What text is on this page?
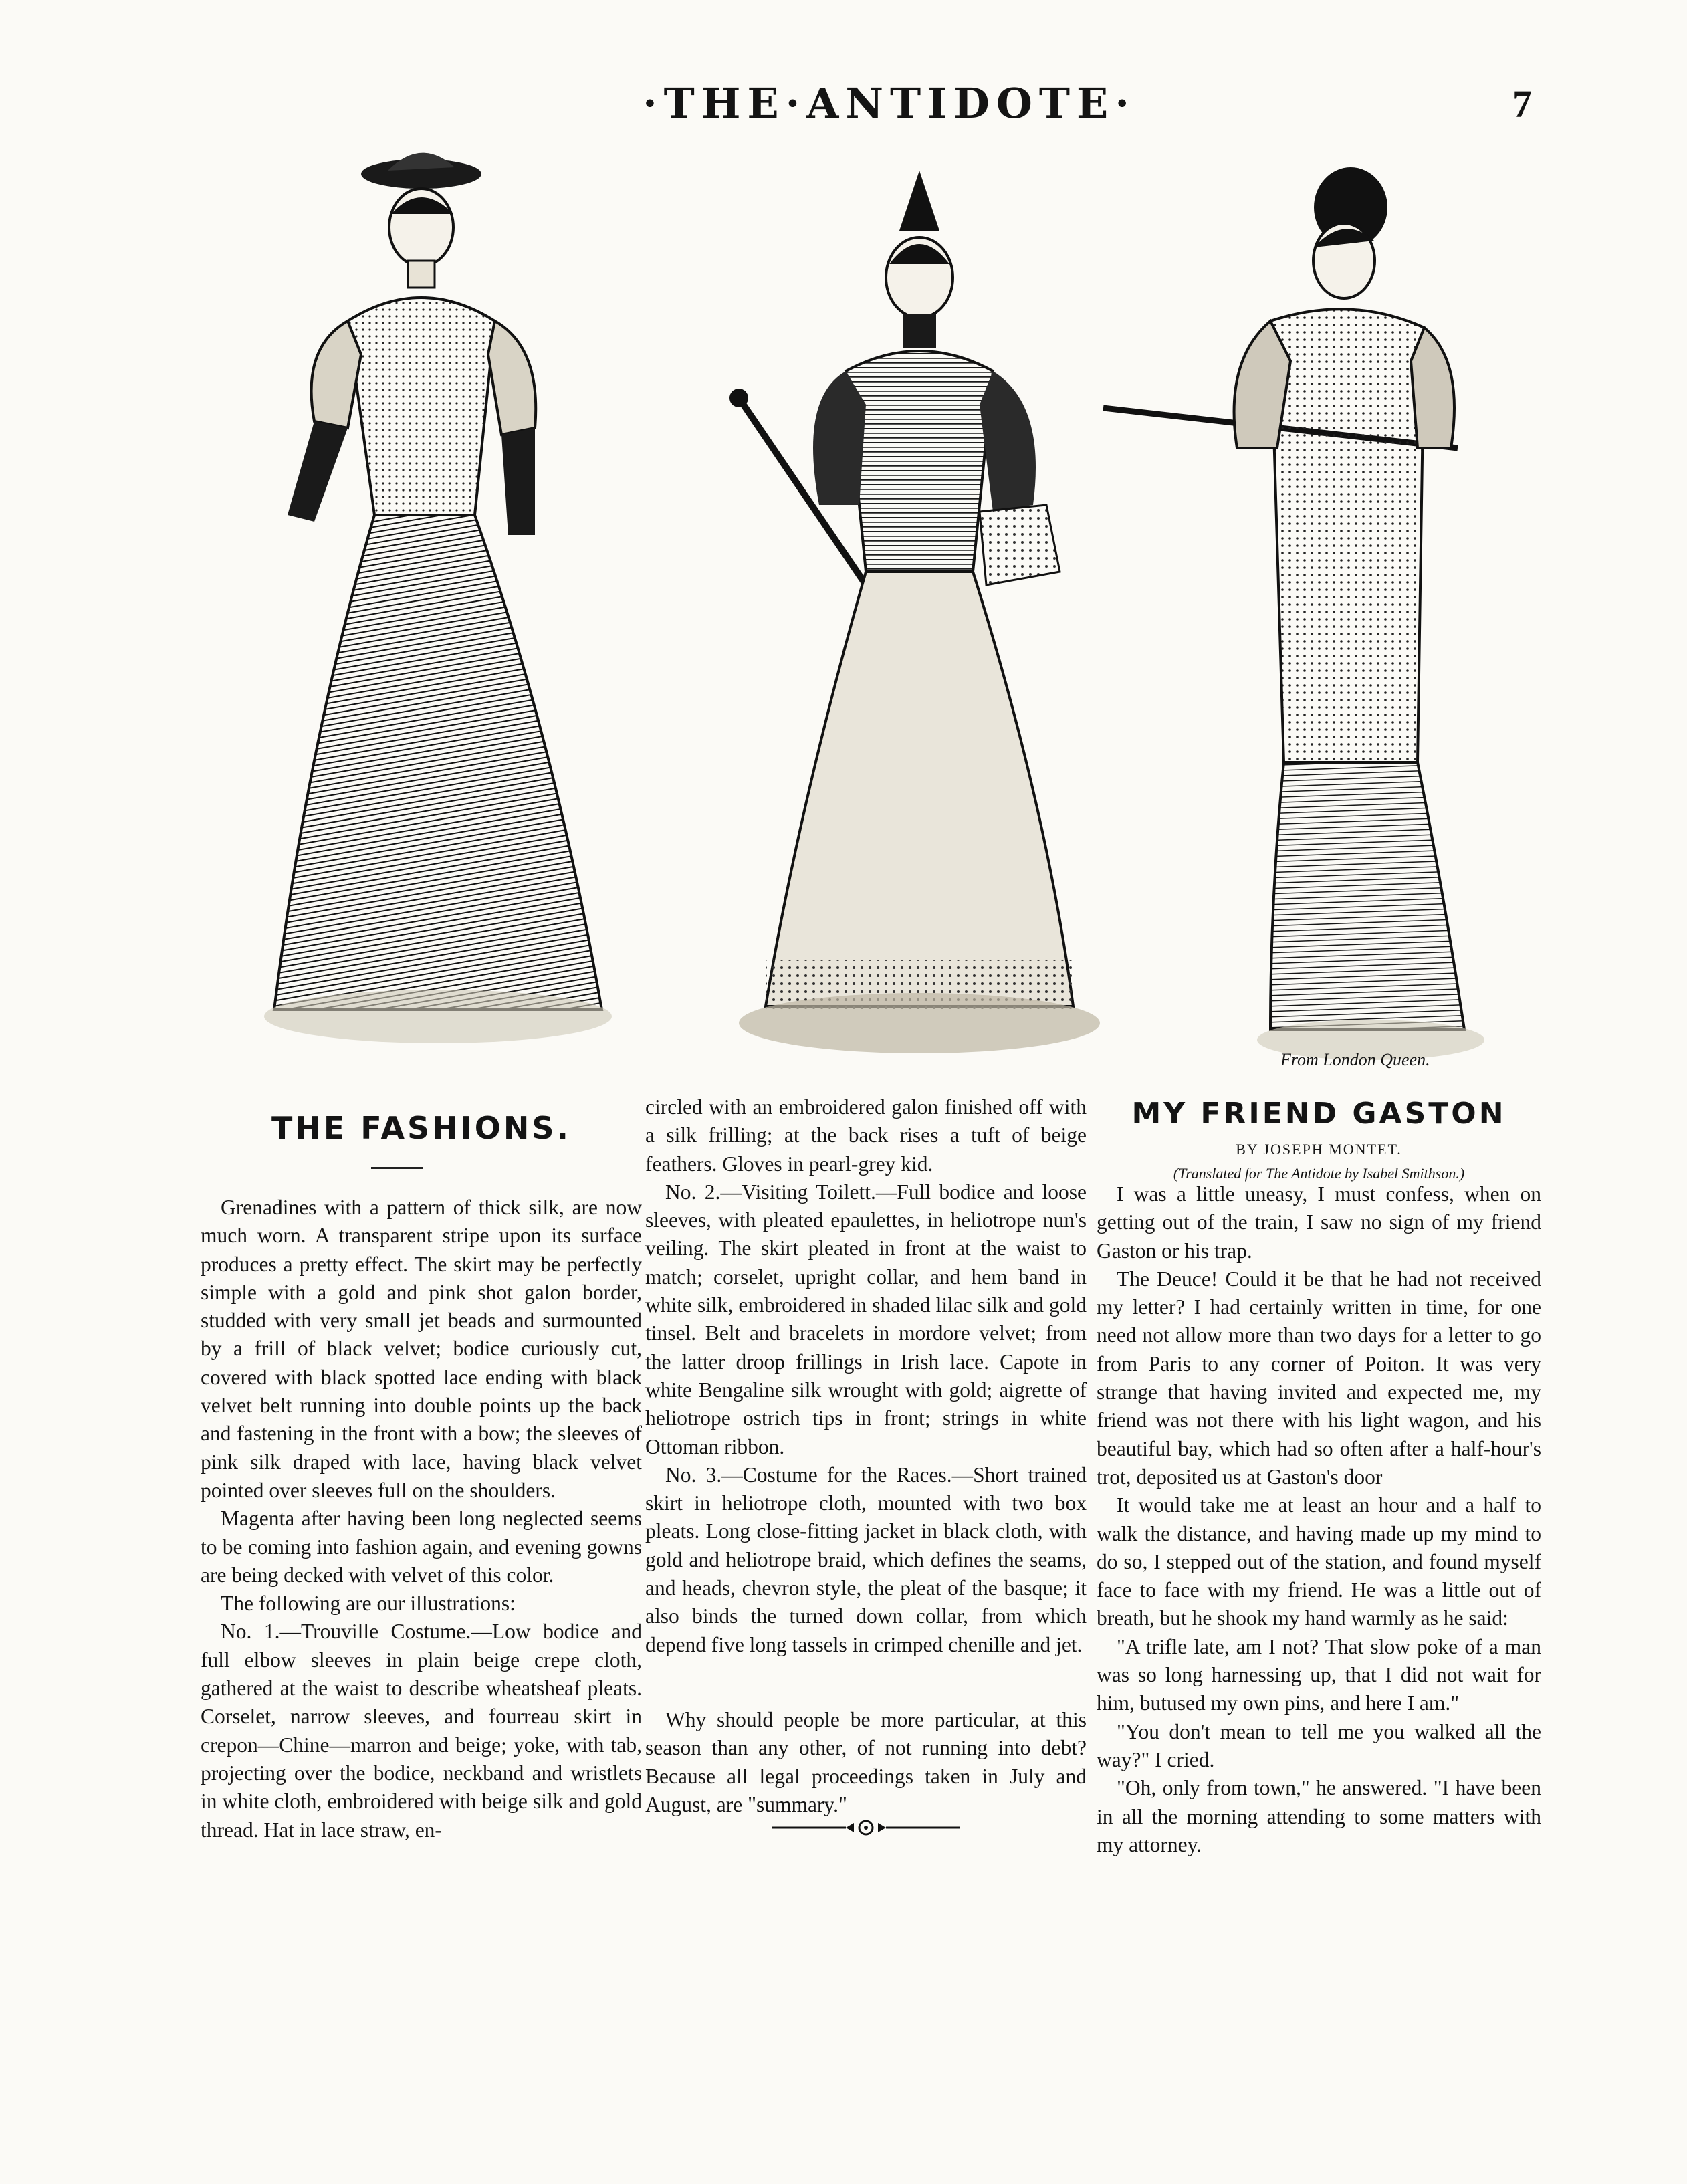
·THE·ANTIDOTE·	7
From London Queen.
THE FASHIONS.

Grenadines with a pattern of thick silk, are now much worn. A transparent stripe upon its surface produces a pretty effect. The skirt may be perfectly simple with a gold and pink shot galon border, studded with very small jet beads and surmounted by a frill of black velvet; bodice curiously cut, covered with black spotted lace ending with black velvet belt running into double points up the back and fastening in the front with a bow; the sleeves of pink silk draped with lace, having black velvet pointed over sleeves full on the shoulders.

Magenta after having been long neglected seems to be coming into fashion again, and evening gowns are being decked with velvet of this color.

The following are our illustrations:

No. 1.—Trouville Costume.—Low bodice and full elbow sleeves in plain beige crepe cloth, gathered at the waist to describe wheatsheaf pleats. Corselet, narrow sleeves, and fourreau skirt in crepon—Chine—marron and beige; yoke, with tab, projecting over the bodice, neckband and wristlets in white cloth, embroidered with beige silk and gold thread. Hat in lace straw, en-

circled with an embroidered galon finished off with a silk frilling; at the back rises a tuft of beige feathers. Gloves in pearl-grey kid.

No. 2.—Visiting Toilett.—Full bodice and loose sleeves, with pleated epaulettes, in heliotrope nun's veiling. The skirt pleated in front at the waist to match; corselet, upright collar, and hem band in white silk, embroidered in shaded lilac silk and gold tinsel. Belt and bracelets in mordore velvet; from the latter droop frillings in Irish lace. Capote in white Bengaline silk wrought with gold; aigrette of heliotrope ostrich tips in front; strings in white Ottoman ribbon.

No. 3.—Costume for the Races.—Short trained skirt in heliotrope cloth, mounted with two box pleats. Long close-fitting jacket in black cloth, with gold and heliotrope braid, which defines the seams, and heads, chevron style, the pleat of the basque; it also binds the turned down collar, from which depend five long tassels in crimped chenille and jet.

Why should people be more particular, at this season than any other, of not running into debt? Because all legal proceedings taken in July and August, are "summary."

MY FRIEND GASTON
BY JOSEPH MONTET.
(Translated for The Antidote by Isabel Smithson.)

I was a little uneasy, I must confess, when on getting out of the train, I saw no sign of my friend Gaston or his trap.

The Deuce! Could it be that he had not received my letter? I had certainly written in time, for one need not allow more than two days for a letter to go from Paris to any corner of Poiton. It was very strange that having invited and expected me, my friend was not there with his light wagon, and his beautiful bay, which had so often after a half-hour's trot, deposited us at Gaston's door

It would take me at least an hour and a half to walk the distance, and having made up my mind to do so, I stepped out of the station, and found myself face to face with my friend. He was a little out of breath, but he shook my hand warmly as he said:

"A trifle late, am I not? That slow poke of a man was so long harnessing up, that I did not wait for him, butused my own pins, and here I am."

"You don't mean to tell me you walked all the way?" I cried.

"Oh, only from town," he answered. "I have been in all the morning attending to some matters with my attorney.
